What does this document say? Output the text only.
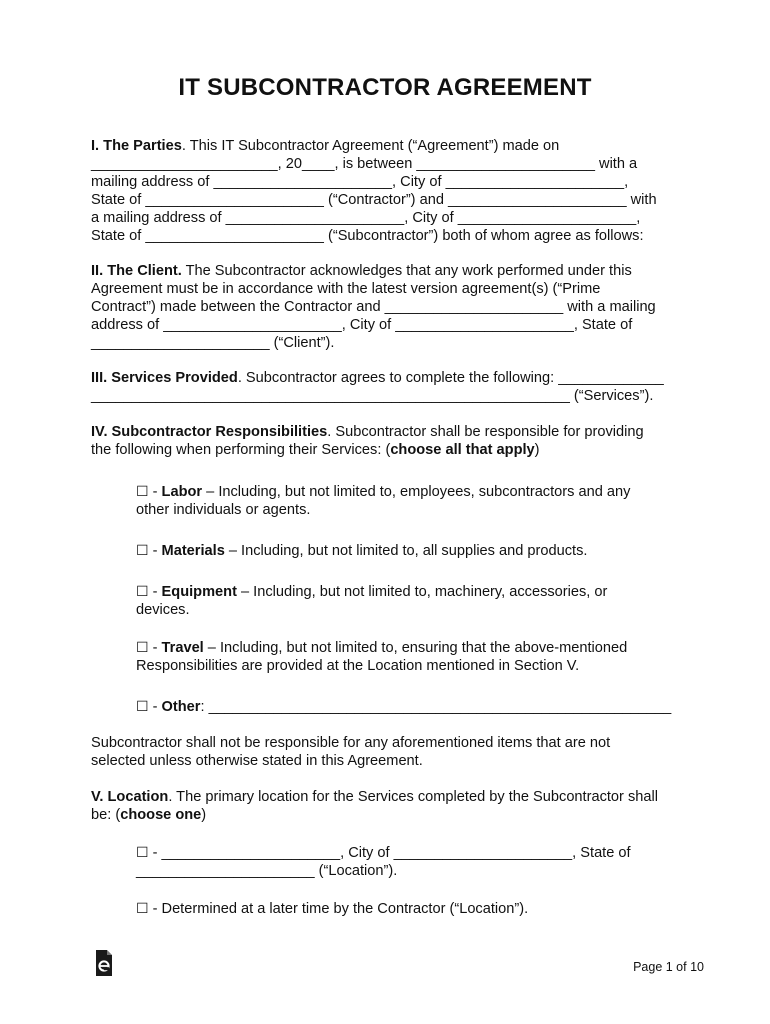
IT SUBCONTRACTOR AGREEMENT
I. The Parties. This IT Subcontractor Agreement (“Agreement”) made on
_______________________, 20____, is between ______________________ with a
mailing address of ______________________, City of ______________________,
State of ______________________ (“Contractor”) and ______________________ with
a mailing address of ______________________, City of ______________________,
State of ______________________ (“Subcontractor”) both of whom agree as follows:
II. The Client. The Subcontractor acknowledges that any work performed under this
Agreement must be in accordance with the latest version agreement(s) (“Prime
Contract”) made between the Contractor and ______________________ with a mailing
address of ______________________, City of ______________________, State of
______________________ (“Client”).
III. Services Provided. Subcontractor agrees to complete the following: _____________
___________________________________________________________ (“Services”).
IV. Subcontractor Responsibilities. Subcontractor shall be responsible for providing
the following when performing their Services: (choose all that apply)
☐ - Labor – Including, but not limited to, employees, subcontractors and any
other individuals or agents.
☐ - Materials – Including, but not limited to, all supplies and products.
☐ - Equipment – Including, but not limited to, machinery, accessories, or
devices.
☐ - Travel – Including, but not limited to, ensuring that the above-mentioned
Responsibilities are provided at the Location mentioned in Section V.
☐ - Other: _________________________________________________________
Subcontractor shall not be responsible for any aforementioned items that are not
selected unless otherwise stated in this Agreement.
V. Location. The primary location for the Services completed by the Subcontractor shall
be: (choose one)
☐ - ______________________, City of ______________________, State of
______________________ (“Location”).
☐ - Determined at a later time by the Contractor (“Location”).
Page 1 of 10
